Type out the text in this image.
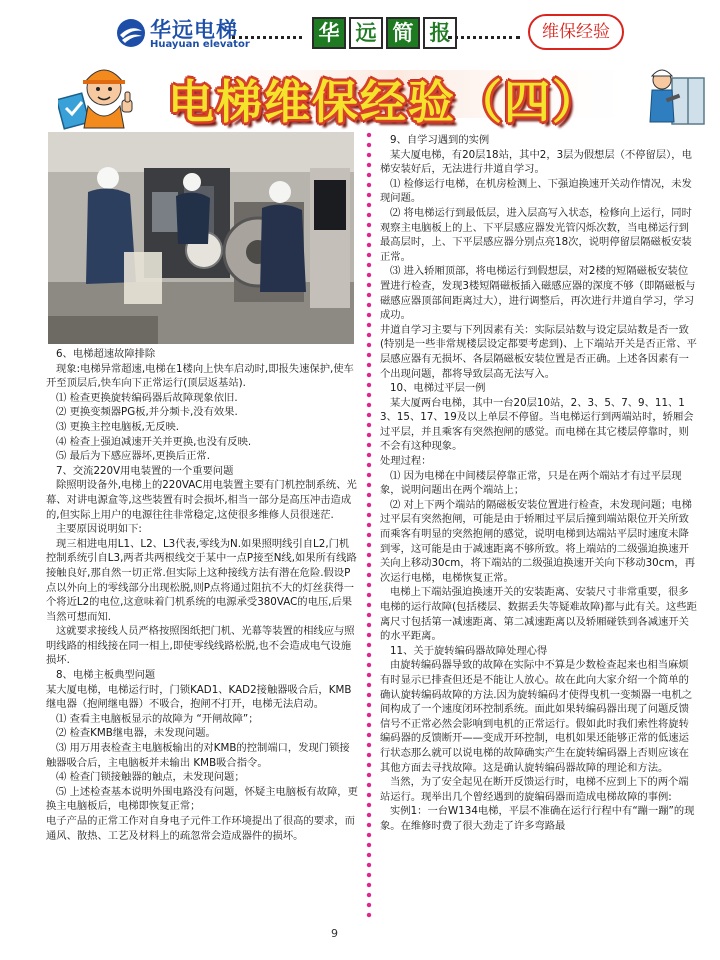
华远电梯
Huayuan elevator	华 远 简 报	维保经验
电梯维保经验（四）

6、电梯超速故障排除

现象:电梯异常超速,电梯在1楼向上快车启动时,即报失速保护,使车开至顶层后,快车向下正常运行(顶层返基站).

⑴ 检查更换旋转编码器后故障现象依旧.

⑵ 更换变频器PG板,并分频卡,没有效果.

⑶ 更换主控电脑板,无反映.

⑷ 检查上强迫减速开关并更换,也没有反映.

⑸ 最后为下感应器坏,更换后正常.

7、交流220V用电装置的一个重要问题

除照明设备外,电梯上的220VAC用电装置主要有门机控制系统、光幕、对讲电源盒等,这些装置有时会损坏,相当一部分是高压冲击造成的,但实际上用户的电源往往非常稳定,这使很多维修人员很迷茫.

主要原因说明如下:

现三相进电用L1、L2、L3代表,零线为N.如果照明线引自L2,门机控制系统引自L3,两者共两根线交于某中一点P接至N线,如果所有线路接触良好,那自然一切正常.但实际上这种接线方法有潜在危险.假设P点以外向上的零线部分出现松脱,则P点将通过阻抗不大的灯丝获得一个将近L2的电位,这意味着门机系统的电源承受380VAC的电压,后果当然可想而知.

这就要求接线人员严格按照图纸把门机、光幕等装置的相线应与照明线路的相线接在同一相上,即使零线线路松脱,也不会造成电气设施损坏.

8、电梯主板典型问题

某大厦电梯，电梯运行时，门锁KAD1、KAD2接触器吸合后，KMB继电器（抱闸继电器）不吸合，抱闸不打开，电梯无法启动。

⑴ 查看主电脑板显示的故障为 “开闸故障”；

⑵ 检查KMB继电器，未发现问题。

⑶ 用万用表检查主电脑板输出的对KMB的控制端口，发现门锁接触器吸合后，主电脑板并未输出 KMB吸合指令。

⑷ 检查门锁接触器的触点，未发现问题；

⑸ 上述检查基本说明外围电路没有问题，怀疑主电脑板有故障，更换主电脑板后，电梯即恢复正常；

电子产品的正常工作对自身电子元件工作环境提出了很高的要求，而通风、散热、工艺及材料上的疏忽常会造成器件的损坏。

9、自学习遇到的实例

某大厦电梯，有20层18站，其中2，3层为假想层（不停留层），电梯安装好后，无法进行井道自学习。

⑴ 检修运行电梯，在机房检测上、下强迫换速开关动作情况，未发现问题。

⑵ 将电梯运行到最低层，进入层高写入状态，检修向上运行，同时观察主电脑板上的上、下平层感应器发光管闪烁次数，当电梯运行到最高层时，上、下平层感应器分别点亮18次，说明停留层隔磁板安装正常。

⑶ 进入轿厢顶部，将电梯运行到假想层，对2楼的短隔磁板安装位置进行检查，发现3楼短隔磁板插入磁感应器的深度不够（即隔磁板与磁感应器顶部间距离过大），进行调整后，再次进行井道自学习，学习成功。

井道自学习主要与下列因素有关：实际层站数与设定层站数是否一致(特别是一些非常规楼层设定都要考虑到)、上下端站开关是否正常、平层感应器有无损坏、各层隔磁板安装位置是否正确。上述各因素有一个出现问题，都将导致层高无法写入。

10、电梯过平层一例

某大厦两台电梯，其中一台20层10站，2、3、5、7、9、11、13、15、17、19及以上单层不停留。当电梯运行到两端站时，轿厢会过平层，并且乘客有突然抱闸的感觉。而电梯在其它楼层停靠时，则不会有这种现象。

处理过程：

⑴ 因为电梯在中间楼层停靠正常，只是在两个端站才有过平层现象，说明问题出在两个端站上；

⑵ 对上下两个端站的隔磁板安装位置进行检查，未发现问题；电梯过平层有突然抱闸，可能是由于轿厢过平层后撞到端站限位开关所致而乘客有明显的突然抱闸的感觉，说明电梯到达端站平层时速度未降到零，这可能是由于减速距离不够所致。将上端站的二级强迫换速开关向上移动30cm，将下端站的二级强迫换速开关向下移动30cm，再次运行电梯，电梯恢复正常。

电梯上下端站强迫换速开关的安装距离、安装尺寸非常重要，很多电梯的运行故障(包括楼层、数据丢失等疑难故障)都与此有关。这些距离尺寸包括第一减速距离、第二减速距离以及轿厢碰铁到各减速开关的水平距离。

11、关于旋转编码器故障处理心得

由旋转编码器导致的故障在实际中不算是少数检查起来也相当麻烦有时显示已排查但还是不能让人放心。故在此向大家介绍一个简单的确认旋转编码故障的方法.因为旋转编码才使得曳机一变频器一电机之间构成了一个速度闭环控制系统。面此如果转编码器出现了问题反馈信号不正常必然会影响到电机的正常运行。假如此时我们索性将旋转编码器的反馈断开——变成开环控制，电机如果还能够正常的低速运行状态那么就可以说电梯的故障确实产生在旋转编码器上否则应该在其他方面去寻找故障。这是确认旋转编码器故障的理论和方法。

当然，为了安全起见在断开反馈运行时，电梯不应到上下的两个端站运行。现举出几个曾经遇到的旋编码器而造成电梯故障的事例:

实例1：一台W134电梯，平层不准确在运行行程中有“蹦一蹦”的现象。在维修时费了很大劲走了许多弯路最

9
